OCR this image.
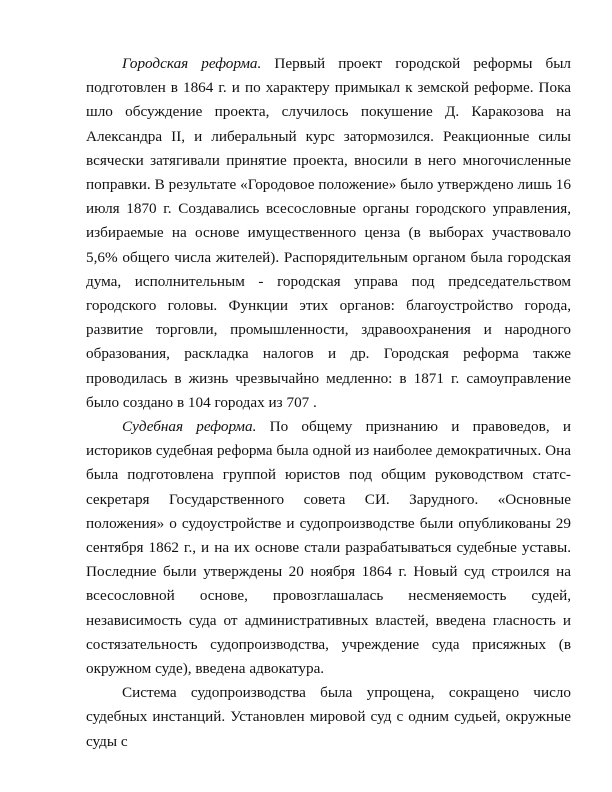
Городская реформа. Первый проект городской реформы был подготовлен в 1864 г. и по характеру примыкал к земской реформе. Пока шло обсуждение проекта, случилось покушение Д. Каракозова на Александра II, и либеральный курс затормозился. Реакционные силы всячески затягивали принятие проекта, вносили в него многочисленные поправки. В результате «Городовое положение» было утверждено лишь 16 июля 1870 г. Создавались всесословные органы городского управления, избираемые на основе имущественного ценза (в выборах участвовало 5,6% общего числа жителей). Распорядительным органом была городская дума, исполнительным - городская управа под председательством городского головы. Функции этих органов: благоустройство города, развитие торговли, промышленности, здравоохранения и народного образования, раскладка налогов и др. Городская реформа также проводилась в жизнь чрезвычайно медленно: в 1871 г. самоуправление было создано в 104 городах из 707 .

Судебная реформа. По общему признанию и правоведов, и историков судебная реформа была одной из наиболее демократичных. Она была подготовлена группой юристов под общим руководством статс-секретаря Государственного совета СИ. Зарудного. «Основные положения» о судоустройстве и судопроизводстве были опубликованы 29 сентября 1862 г., и на их основе стали разрабатываться судебные уставы. Последние были утверждены 20 ноября 1864 г. Новый суд строился на всесословной основе, провозглашалась несменяемость судей, независимость суда от административных властей, введена гласность и состязательность судопроизводства, учреждение суда присяжных (в окружном суде), введена адвокатура.

Система судопроизводства была упрощена, сокращено число судебных инстанций. Установлен мировой суд с одним судьей, окружные суды с
